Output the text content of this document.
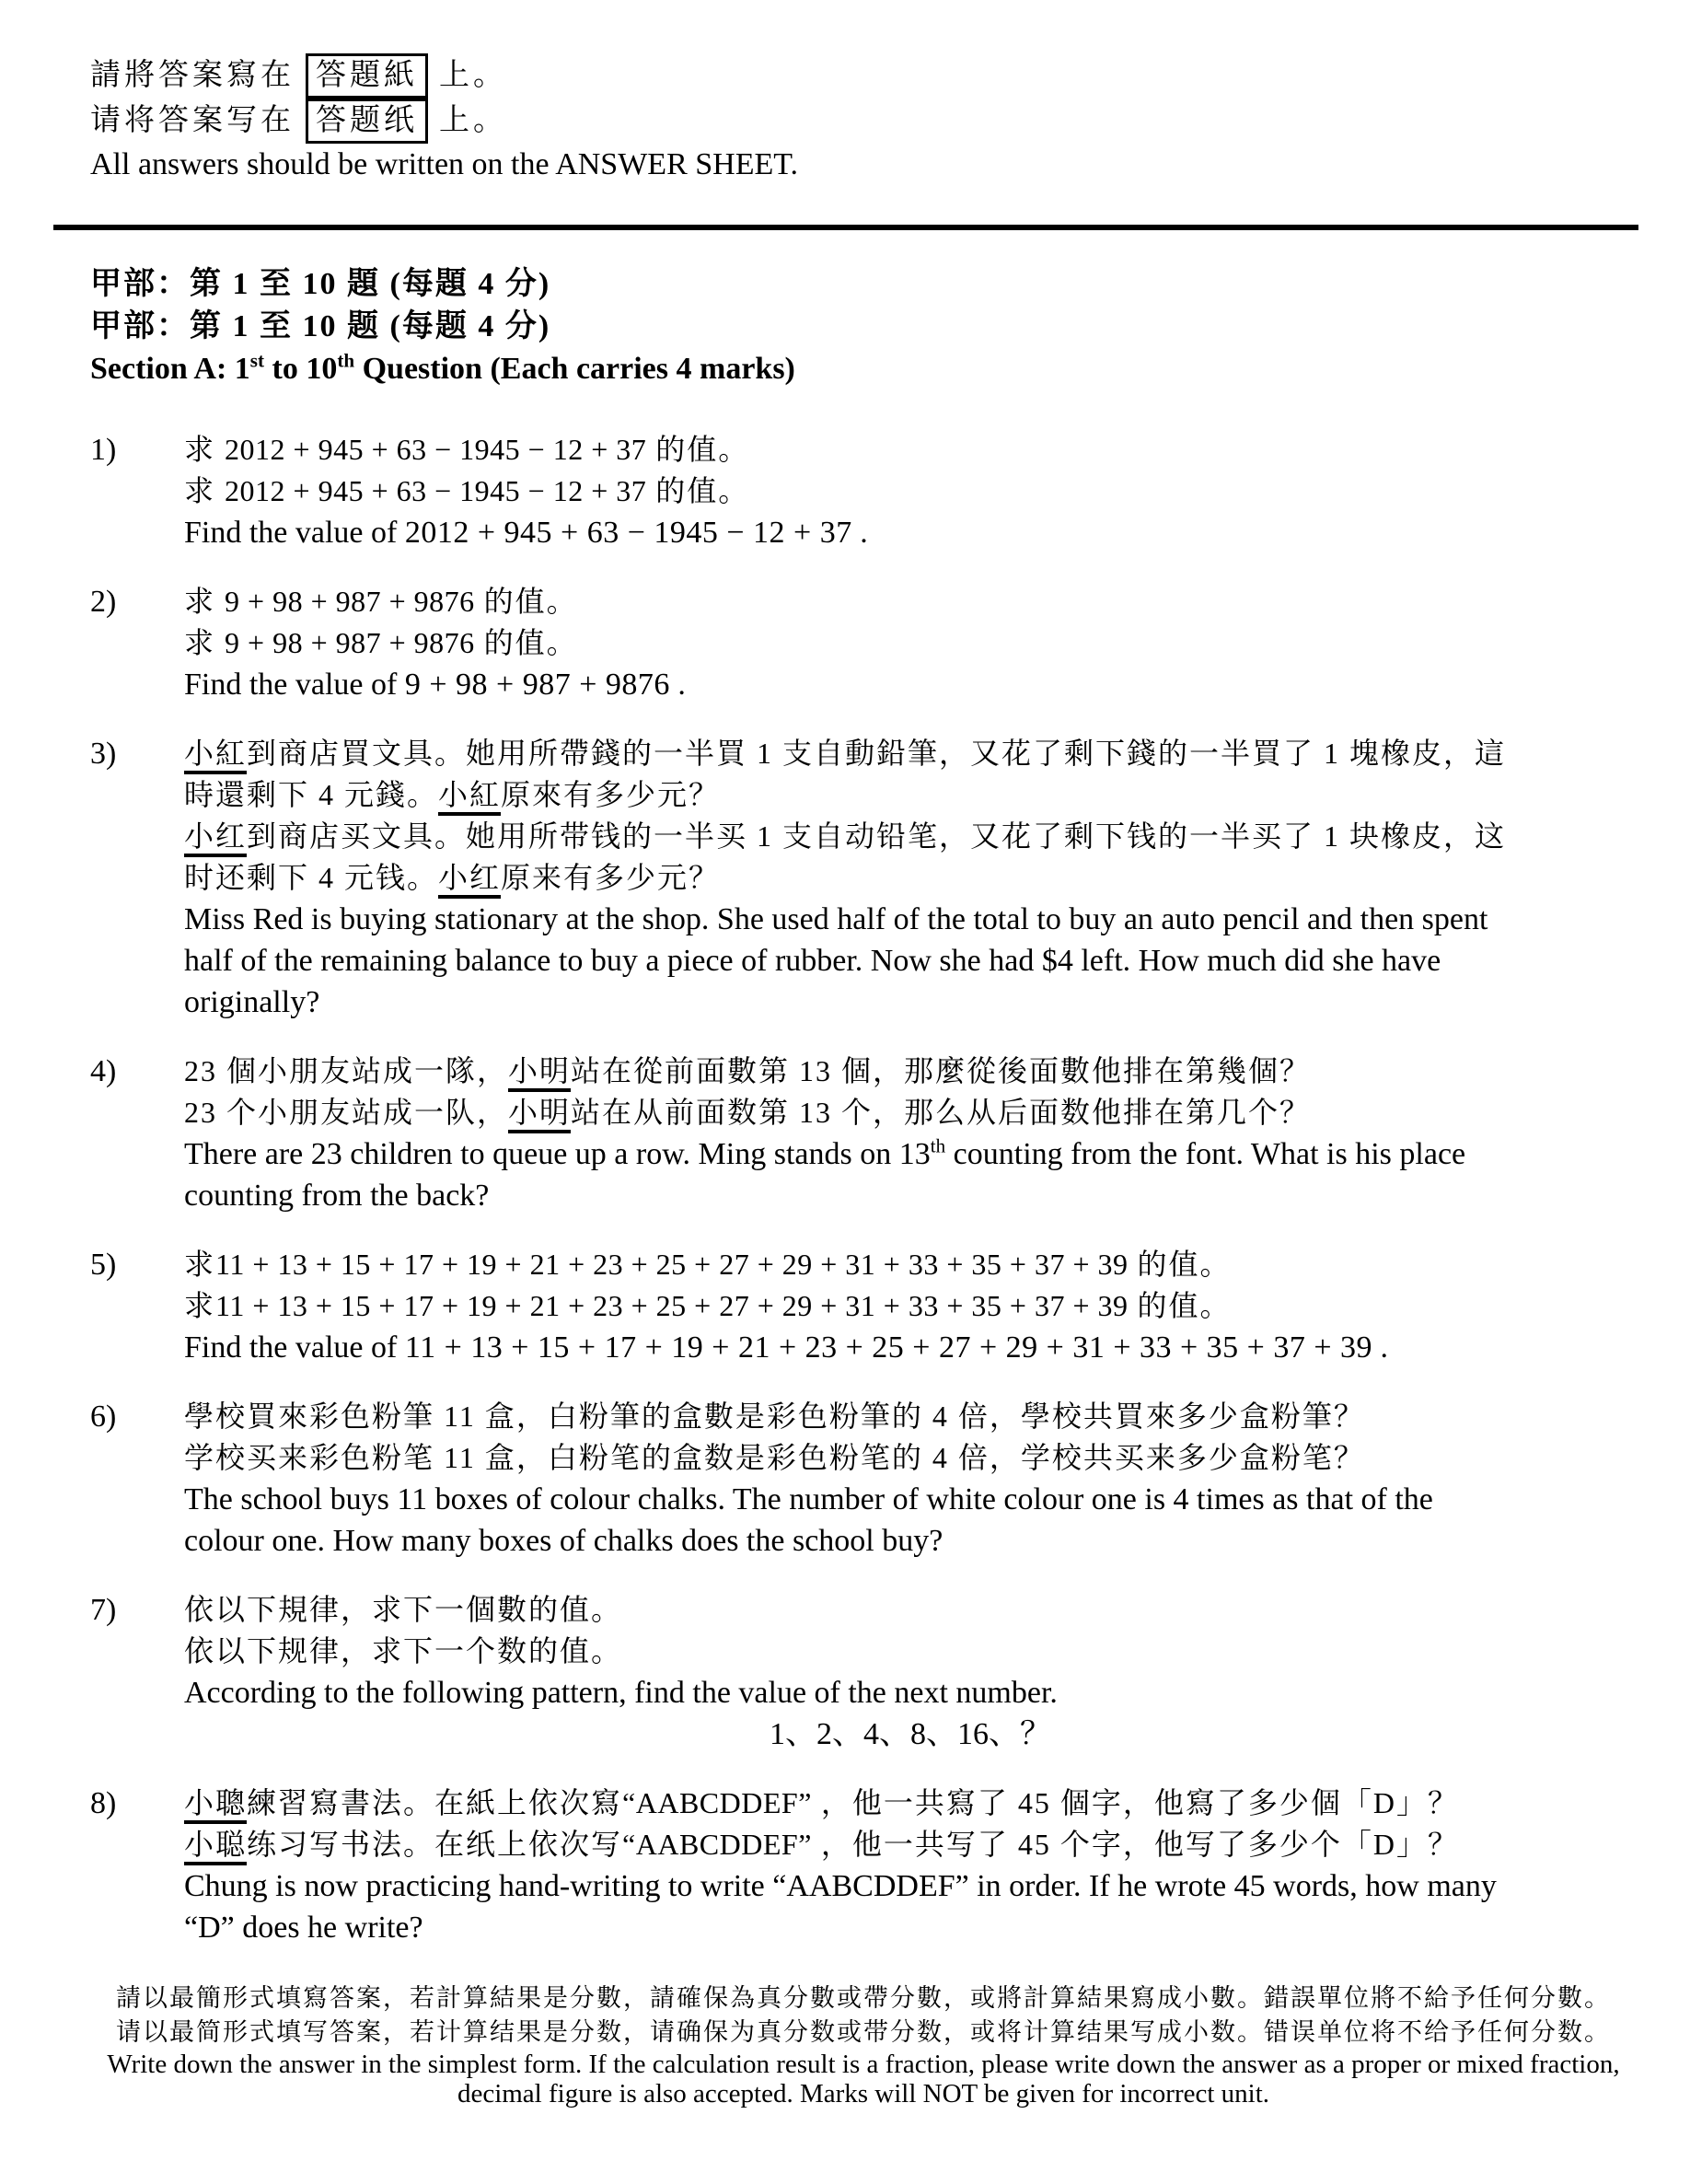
請將答案寫在 答題紙 上。
请将答案写在 答题纸 上。
All answers should be written on the ANSWER SHEET.
甲部：第 1 至 10 題 (每題 4 分)
甲部：第 1 至 10 题 (每题 4 分)
Section A: 1st to 10th Question (Each carries 4 marks)
1)	求 2012 + 945 + 63 − 1945 − 12 + 37 的值。
求 2012 + 945 + 63 − 1945 − 12 + 37 的值。
Find the value of 2012 + 945 + 63 − 1945 − 12 + 37 .
2)	求 9 + 98 + 987 + 9876 的值。
求 9 + 98 + 987 + 9876 的值。
Find the value of 9 + 98 + 987 + 9876 .
3)	小紅到商店買文具。她用所帶錢的一半買 1 支自動鉛筆，又花了剩下錢的一半買了 1 塊橡皮，這
時還剩下 4 元錢。小紅原來有多少元？
小红到商店买文具。她用所带钱的一半买 1 支自动铅笔，又花了剩下钱的一半买了 1 块橡皮，这
时还剩下 4 元钱。小红原来有多少元？
Miss Red is buying stationary at the shop. She used half of the total to buy an auto pencil and then spent
half of the remaining balance to buy a piece of rubber. Now she had $4 left. How much did she have
originally?
4)	23 個小朋友站成一隊，小明站在從前面數第 13 個，那麼從後面數他排在第幾個？
23 个小朋友站成一队，小明站在从前面数第 13 个，那么从后面数他排在第几个？
There are 23 children to queue up a row. Ming stands on 13th counting from the font. What is his place
counting from the back?
5)	求11 + 13 + 15 + 17 + 19 + 21 + 23 + 25 + 27 + 29 + 31 + 33 + 35 + 37 + 39 的值。
求11 + 13 + 15 + 17 + 19 + 21 + 23 + 25 + 27 + 29 + 31 + 33 + 35 + 37 + 39 的值。
Find the value of 11 + 13 + 15 + 17 + 19 + 21 + 23 + 25 + 27 + 29 + 31 + 33 + 35 + 37 + 39 .
6)	學校買來彩色粉筆 11 盒，白粉筆的盒數是彩色粉筆的 4 倍，學校共買來多少盒粉筆？
学校买来彩色粉笔 11 盒，白粉笔的盒数是彩色粉笔的 4 倍，学校共买来多少盒粉笔？
The school buys 11 boxes of colour chalks. The number of white colour one is 4 times as that of the
colour one. How many boxes of chalks does the school buy?
7)	依以下規律，求下一個數的值。
依以下规律，求下一个数的值。
According to the following pattern, find the value of the next number.
1、2、4、8、16、？
8)	小聰練習寫書法。在紙上依次寫“AABCDDEF” ，他一共寫了 45 個字，他寫了多少個「D」？
小聪练习写书法。在纸上依次写“AABCDDEF” ，他一共写了 45 个字，他写了多少个「D」？
Chung is now practicing hand-writing to write “AABCDDEF” in order. If he wrote 45 words, how many
“D” does he write?
請以最簡形式填寫答案，若計算結果是分數，請確保為真分數或帶分數，或將計算結果寫成小數。錯誤單位將不給予任何分數。
请以最简形式填写答案，若计算结果是分数，请确保为真分数或带分数，或将计算结果写成小数。错误单位将不给予任何分数。
Write down the answer in the simplest form. If the calculation result is a fraction, please write down the answer as a proper or mixed fraction,
decimal figure is also accepted. Marks will NOT be given for incorrect unit.
